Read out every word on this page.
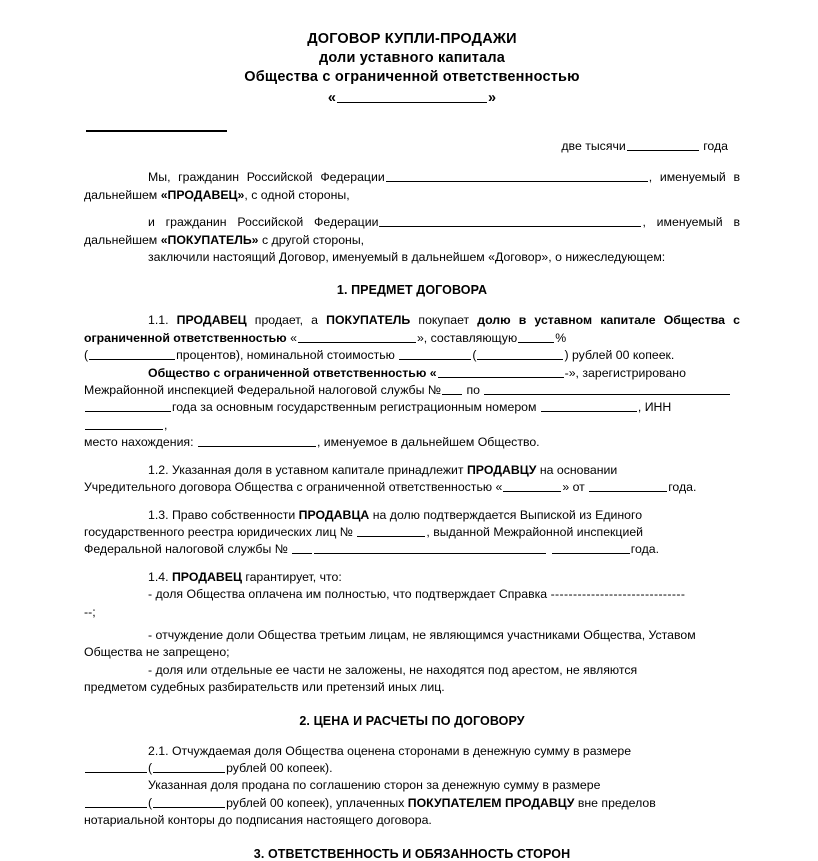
ДОГОВОР КУПЛИ-ПРОДАЖИ
доли уставного капитала
Общества с ограниченной ответственностью
«	»
две тысячи	года

Мы, гражданин Российской Федерации	, именуемый в дальнейшем «ПРОДАВЕЦ», с одной стороны,

и гражданин Российской Федерации	, именуемый в дальнейшем «ПОКУПАТЕЛЬ» с другой стороны,

заключили настоящий Договор, именуемый в дальнейшем «Договор», о нижеследующем:

1. ПРЕДМЕТ ДОГОВОРА

1.1. ПРОДАВЕЦ продает, а ПОКУПАТЕЛЬ покупает долю в уставном капитале Общества с ограниченной ответственностью «	», составляющую	%

(	процентов), номинальной стоимостью	(	) рублей 00 копеек.

Общество с ограниченной ответственностью «	-», зарегистрировано

Межрайонной инспекцией Федеральной налоговой службы № по

года за основным государственным регистрационным номером	, ИНН,

место нахождения:	, именуемое в дальнейшем Общество.

1.2. Указанная доля в уставном капитале принадлежит ПРОДАВЦУ на основании

Учредительного договора Общества с ограниченной ответственностью «	» от	года.

1.3. Право собственности ПРОДАВЦА на долю подтверждается Выпиской из Единого

государственного реестра юридических лиц №	, выданной Межрайонной инспекцией

Федеральной налоговой службы №	года.

1.4. ПРОДАВЕЦ гарантирует, что:

- доля Общества оплачена им полностью, что подтверждает Справка ------------------------------

--;

- отчуждение доли Общества третьим лицам, не являющимся участниками Общества, Уставом

Общества не запрещено;

- доля или отдельные ее части не заложены, не находятся под арестом, не являются

предметом судебных разбирательств или претензий иных лиц.

2. ЦЕНА И РАСЧЕТЫ ПО ДОГОВОРУ

2.1. Отчуждаемая доля Общества оценена сторонами в денежную сумму в размере

(	рублей 00 копеек).

Указанная доля продана по соглашению сторон за денежную сумму в размере

(	рублей 00 копеек), уплаченных ПОКУПАТЕЛЕМ ПРОДАВЦУ вне пределов

нотариальной конторы до подписания настоящего договора.

3. ОТВЕТСТВЕННОСТЬ И ОБЯЗАННОСТЬ СТОРОН
